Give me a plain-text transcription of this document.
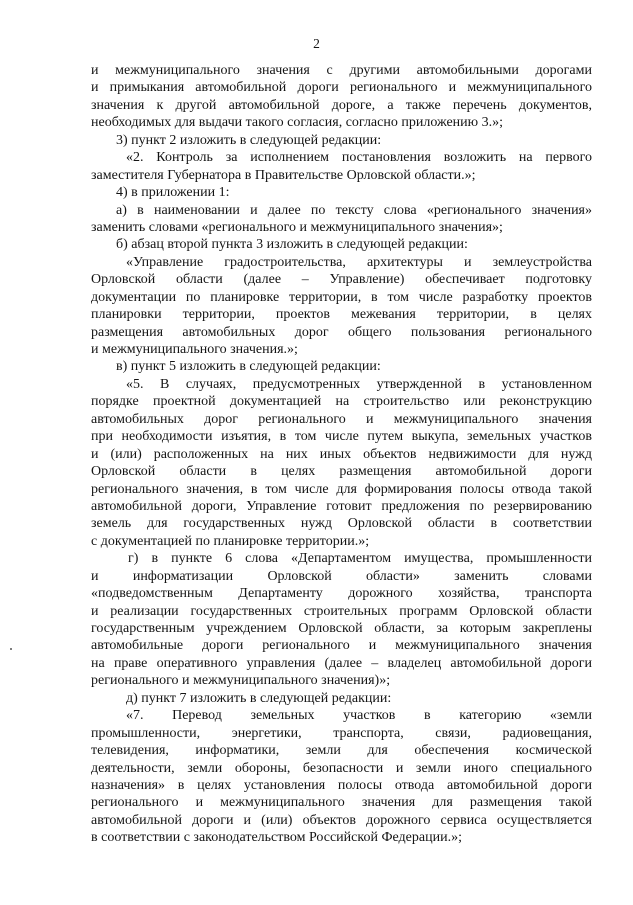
2
и межмуниципального значения с другими автомобильными дорогами
и примыкания автомобильной дороги регионального и межмуниципального
значения к другой автомобильной дороге, а также перечень документов,
необходимых для выдачи такого согласия, согласно приложению 3.»;
3) пункт 2 изложить в следующей редакции:
«2. Контроль за исполнением постановления возложить на первого
заместителя Губернатора в Правительстве Орловской области.»;
4) в приложении 1:
а) в наименовании и далее по тексту слова «регионального значения»
заменить словами «регионального и межмуниципального значения»;
б) абзац второй пункта 3 изложить в следующей редакции:
«Управление градостроительства, архитектуры и землеустройства
Орловской области (далее – Управление) обеспечивает подготовку
документации по планировке территории, в том числе разработку проектов
планировки территории, проектов межевания территории, в целях
размещения автомобильных дорог общего пользования регионального
и межмуниципального значения.»;
в) пункт 5 изложить в следующей редакции:
«5. В случаях, предусмотренных утвержденной в установленном
порядке проектной документацией на строительство или реконструкцию
автомобильных дорог регионального и межмуниципального значения
при необходимости изъятия, в том числе путем выкупа, земельных участков
и (или) расположенных на них иных объектов недвижимости для нужд
Орловской области в целях размещения автомобильной дороги
регионального значения, в том числе для формирования полосы отвода такой
автомобильной дороги, Управление готовит предложения по резервированию
земель для государственных нужд Орловской области в соответствии
с документацией по планировке территории.»;
г) в пункте 6 слова «Департаментом имущества, промышленности
и информатизации Орловской области» заменить словами
«подведомственным Департаменту дорожного хозяйства, транспорта
и реализации государственных строительных программ Орловской области
государственным учреждением Орловской области, за которым закреплены
автомобильные дороги регионального и межмуниципального значения
на праве оперативного управления (далее – владелец автомобильной дороги
регионального и межмуниципального значения)»;
д) пункт 7 изложить в следующей редакции:
«7. Перевод земельных участков в категорию «земли
промышленности, энергетики, транспорта, связи, радиовещания,
телевидения, информатики, земли для обеспечения космической
деятельности, земли обороны, безопасности и земли иного специального
назначения» в целях установления полосы отвода автомобильной дороги
регионального и межмуниципального значения для размещения такой
автомобильной дороги и (или) объектов дорожного сервиса осуществляется
в соответствии с законодательством Российской Федерации.»;
